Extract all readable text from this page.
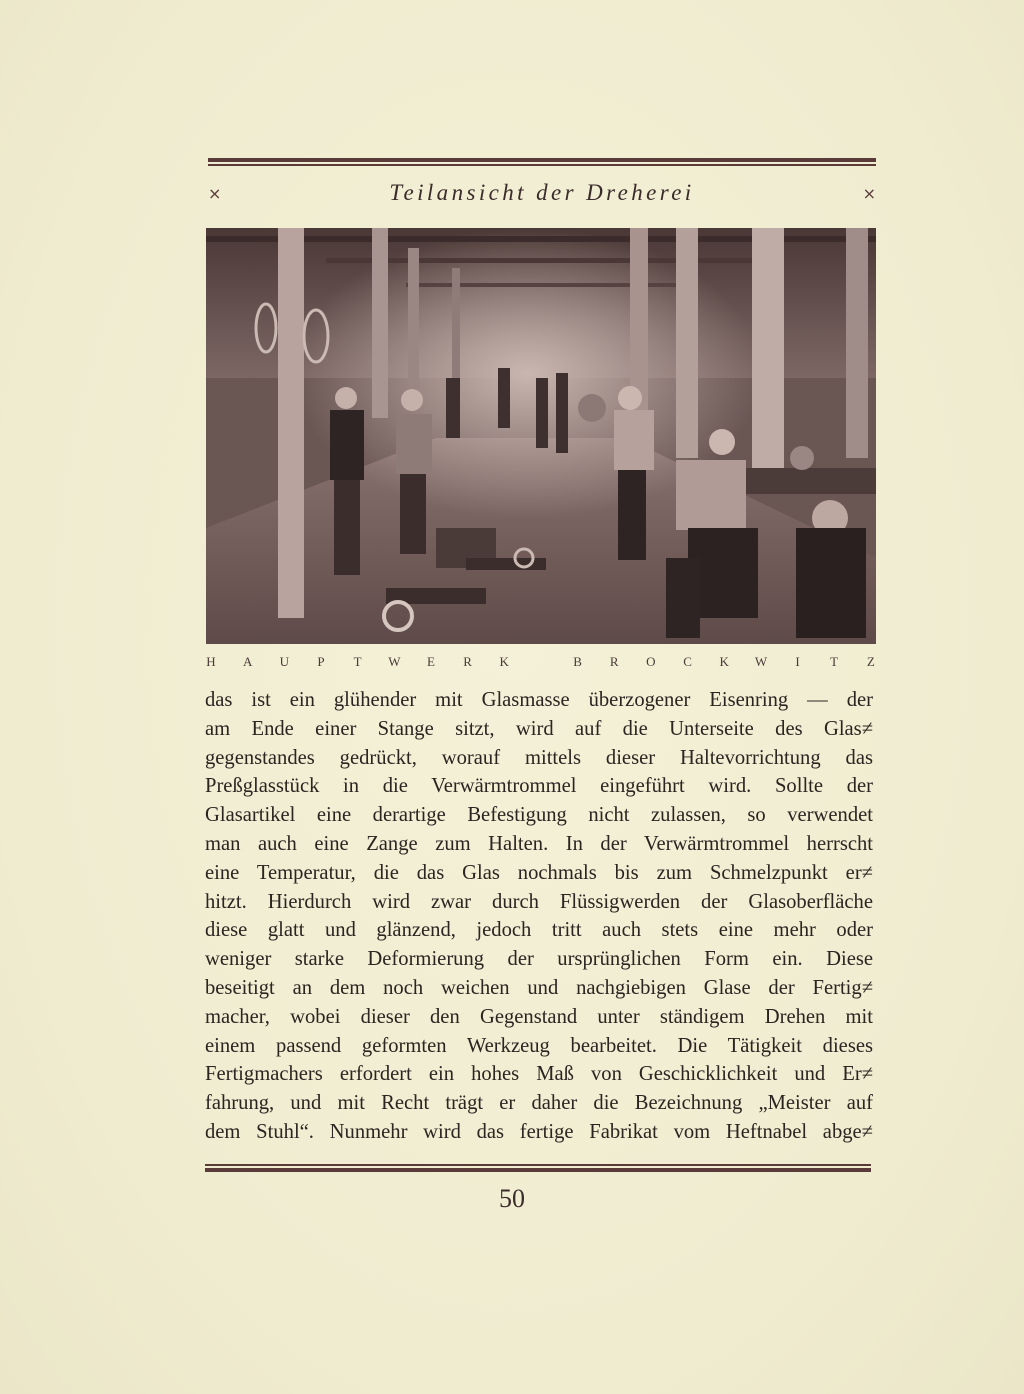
×	Teilansicht der Dreherei	×
H A U P T W E R K	B R O C K W I T Z
das ist ein glühender mit Glasmasse überzogener Eisenring — der
am Ende einer Stange sitzt, wird auf die Unterseite des Glas≠
gegenstandes gedrückt, worauf mittels dieser Haltevorrichtung das
Preßglasstück in die Verwärmtrommel eingeführt wird. Sollte der
Glasartikel eine derartige Befestigung nicht zulassen, so verwendet
man auch eine Zange zum Halten. In der Verwärmtrommel herrscht
eine Temperatur, die das Glas nochmals bis zum Schmelzpunkt er≠
hitzt. Hierdurch wird zwar durch Flüssigwerden der Glasoberfläche
diese glatt und glänzend, jedoch tritt auch stets eine mehr oder
weniger starke Deformierung der ursprünglichen Form ein. Diese
beseitigt an dem noch weichen und nachgiebigen Glase der Fertig≠
macher, wobei dieser den Gegenstand unter ständigem Drehen mit
einem passend geformten Werkzeug bearbeitet. Die Tätigkeit dieses
Fertigmachers erfordert ein hohes Maß von Geschicklichkeit und Er≠
fahrung, und mit Recht trägt er daher die Bezeichnung „Meister auf
dem Stuhl“. Nunmehr wird das fertige Fabrikat vom Heftnabel abge≠
50
